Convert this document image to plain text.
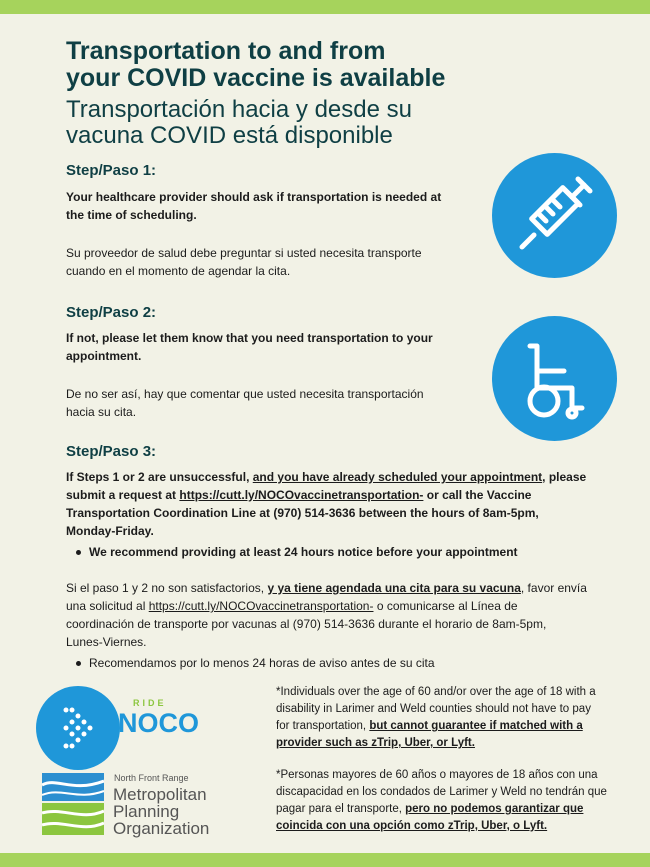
Transportation to and from
your COVID vaccine is available
Transportación hacia y desde su
vacuna COVID está disponible
Step/Paso 1:
Your healthcare provider should ask if transportation is needed at
the time of scheduling.
Su proveedor de salud debe preguntar si usted necesita transporte
cuando en el momento de agendar la cita.
Step/Paso 2:
If not, please let them know that you need transportation to your
appointment.
De no ser así, hay que comentar que usted necesita transportación
hacia su cita.
Step/Paso 3:
If Steps 1 or 2 are unsuccessful, and you have already scheduled your appointment, please
submit a request at https://cutt.ly/NOCOvaccinetransportation- or call the Vaccine
Transportation Coordination Line at (970) 514-3636 between the hours of 8am-5pm,
Monday-Friday.
We recommend providing at least 24 hours notice before your appointment
Si el paso 1 y 2 no son satisfactorios, y ya tiene agendada una cita para su vacuna, favor envía
una solicitud al https://cutt.ly/NOCOvaccinetransportation- o comunicarse al Línea de
coordinación de transporte por vacunas al (970) 514-3636 durante el horario de 8am-5pm,
Lunes-Viernes.
Recomendamos por lo menos 24 horas de aviso antes de su cita
RIDE
NOCO
North Front Range
Metropolitan
Planning
Organization
*Individuals over the age of 60 and/or over the age of 18 with a
disability in Larimer and Weld counties should not have to pay
for transportation, but cannot guarantee if matched with a
provider such as zTrip, Uber, or Lyft.
*Personas mayores de 60 años o mayores de 18 años con una
discapacidad en los condados de Larimer y Weld no tendrán que
pagar para el transporte, pero no podemos garantizar que
coincida con una opción como zTrip, Uber, o Lyft.
